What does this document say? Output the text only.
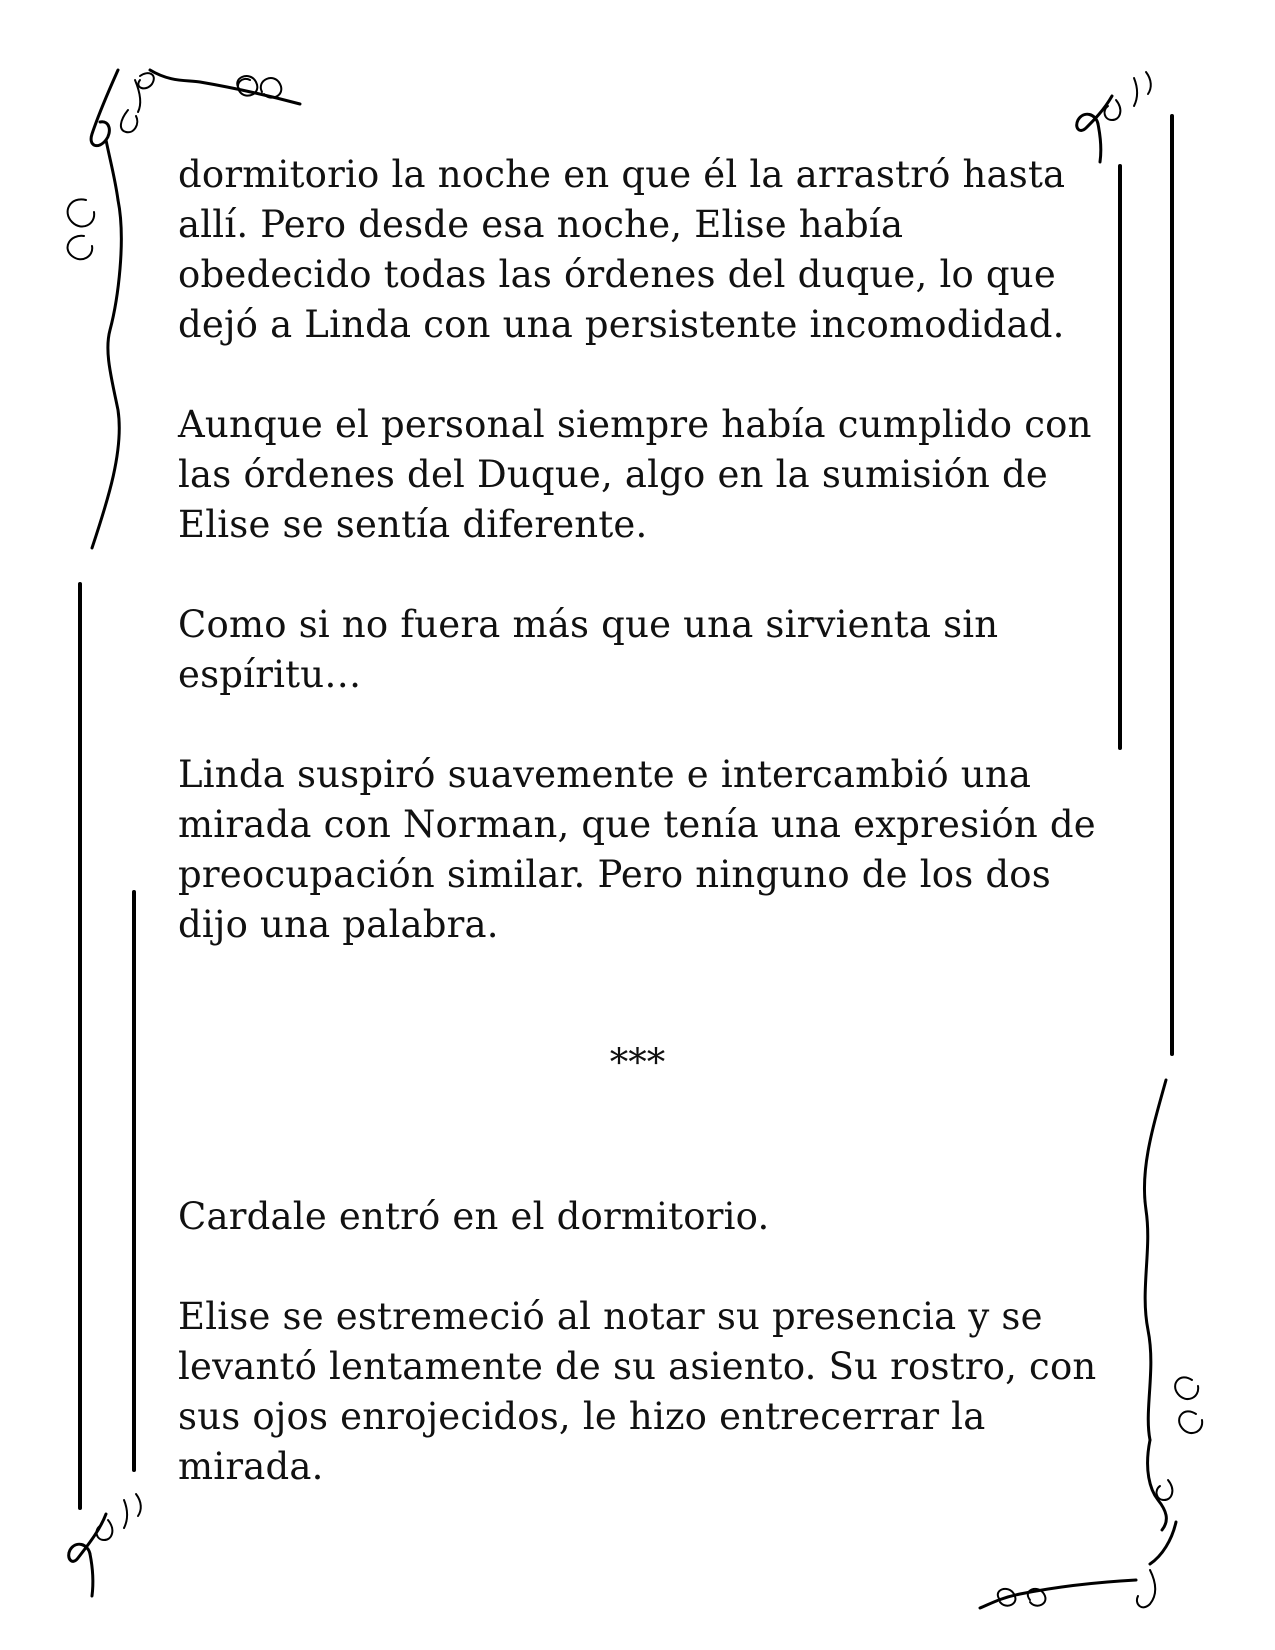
dormitorio la noche en que él la arrastró hasta allí. Pero desde esa noche, Elise había obedecido todas las órdenes del duque, lo que dejó a Linda con una persistente incomodidad.

Aunque el personal siempre había cumplido con las órdenes del Duque, algo en la sumisión de Elise se sentía diferente.

Como si no fuera más que una sirvienta sin espíritu…

Linda suspiró suavemente e intercambió una mirada con Norman, que tenía una expresión de preocupación similar. Pero ninguno de los dos dijo una palabra.

***

Cardale entró en el dormitorio.

Elise se estremeció al notar su presencia y se levantó lentamente de su asiento. Su rostro, con sus ojos enrojecidos, le hizo entrecerrar la mirada.
